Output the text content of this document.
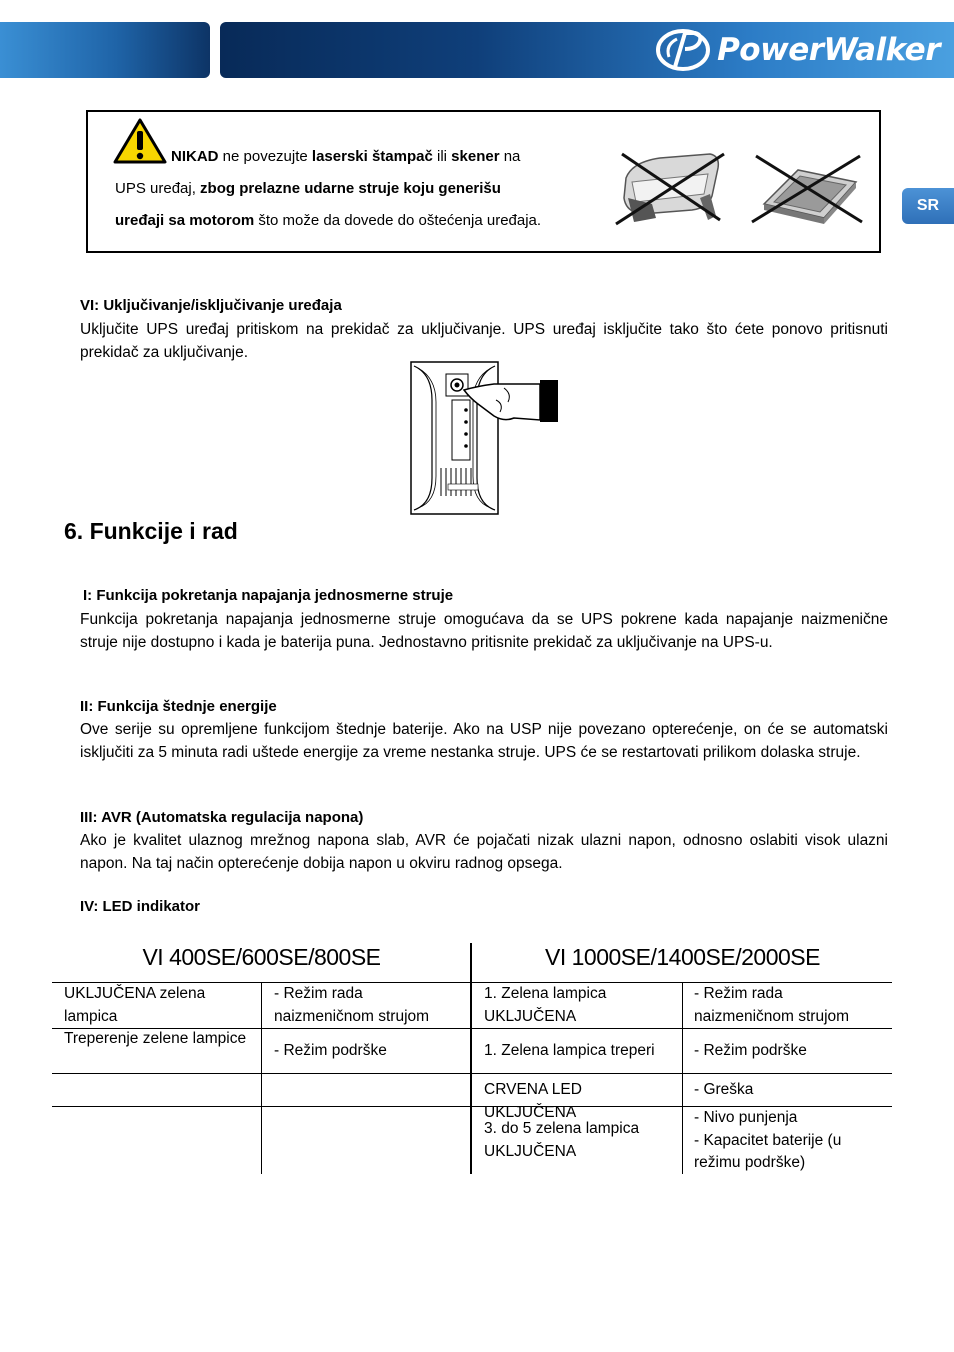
PowerWalker
SR
NIKAD ne povezujte laserski štampač ili skener na
UPS uređaj, zbog prelazne udarne struje koju generišu
uređaji sa motorom što može da dovede do oštećenja uređaja.
VI: Uključivanje/isključivanje uređaja
Uključite UPS uređaj pritiskom na prekidač za uključivanje. UPS uređaj isključite tako što ćete ponovo pritisnuti prekidač za uključivanje.
6. Funkcije i rad
I: Funkcija pokretanja napajanja jednosmerne struje
Funkcija pokretanja napajanja jednosmerne struje omogućava da se UPS pokrene kada napajanje naizmenične struje nije dostupno i kada je baterija puna. Jednostavno pritisnite prekidač za uključivanje na UPS-u.
II: Funkcija štednje energije
Ove serije su opremljene funkcijom štednje baterije. Ako na USP nije povezano opterećenje, on će se automatski isključiti za 5 minuta radi uštede energije za vreme nestanka struje. UPS će se restartovati prilikom dolaska struje.
III: AVR (Automatska regulacija napona)
Ako je kvalitet ulaznog mrežnog napona slab, AVR će pojačati nizak ulazni napon, odnosno oslabiti visok ulazni napon. Na taj način opterećenje dobija napon u okviru radnog opsega.
IV: LED indikator
VI 400SE/600SE/800SE	VI 1000SE/1400SE/2000SE
UKLJUČENA zelena lampica
- Režim rada naizmeničnom strujom
Treperenje zelene lampice
- Režim podrške
1. Zelena lampica UKLJUČENA
- Režim rada naizmeničnom strujom
1. Zelena lampica treperi	- Režim podrške
CRVENA LED UKLJUČENA
- Greška
3. do 5 zelena lampica UKLJUČENA
- Nivo punjenja
- Kapacitet baterije (u režimu podrške)
